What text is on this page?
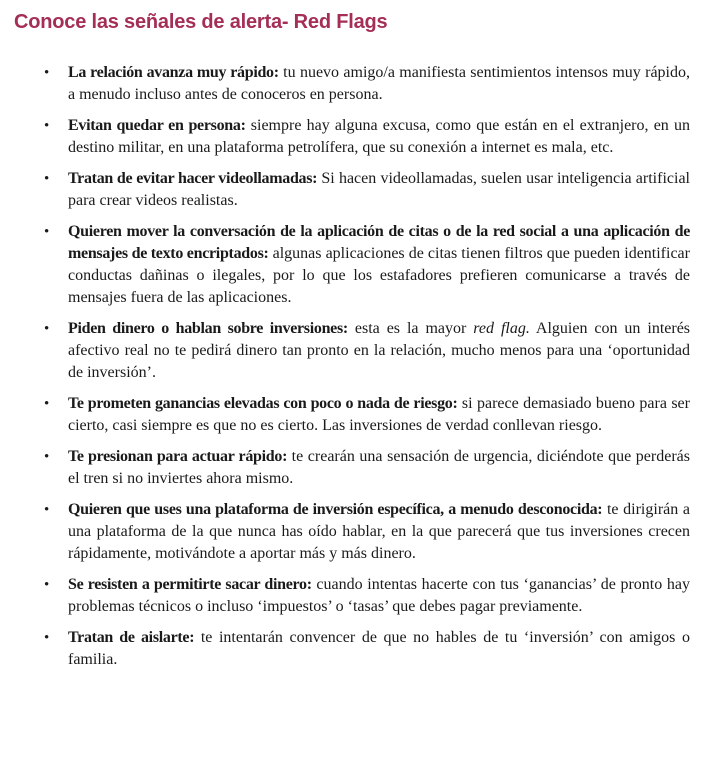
Conoce las señales de alerta- Red Flags
•	La relación avanza muy rápido: tu nuevo amigo/a manifiesta sentimientos intensos muy rápido, a menudo incluso antes de conoceros en persona.
•	Evitan quedar en persona: siempre hay alguna excusa, como que están en el extranjero, en un destino militar, en una plataforma petrolífera, que su conexión a internet es mala, etc.
•	Tratan de evitar hacer videollamadas: Si hacen videollamadas, suelen usar inteligencia artificial para crear videos realistas.
•	Quieren mover la conversación de la aplicación de citas o de la red social a una aplicación de mensajes de texto encriptados: algunas aplicaciones de citas tienen filtros que pueden identificar conductas dañinas o ilegales, por lo que los estafadores prefieren comunicarse a través de mensajes fuera de las aplicaciones.
•	Piden dinero o hablan sobre inversiones: esta es la mayor red flag. Alguien con un interés afectivo real no te pedirá dinero tan pronto en la relación, mucho menos para una ‘oportunidad de inversión’.
•	Te prometen ganancias elevadas con poco o nada de riesgo: si parece demasiado bueno para ser cierto, casi siempre es que no es cierto. Las inversiones de verdad conllevan riesgo.
•	Te presionan para actuar rápido: te crearán una sensación de urgencia, diciéndote que perderás el tren si no inviertes ahora mismo.
•	Quieren que uses una plataforma de inversión específica, a menudo desconocida: te dirigirán a una plataforma de la que nunca has oído hablar, en la que parecerá que tus inversiones crecen rápidamente, motivándote a aportar más y más dinero.
•	Se resisten a permitirte sacar dinero: cuando intentas hacerte con tus ‘ganancias’ de pronto hay problemas técnicos o incluso ‘impuestos’ o ‘tasas’ que debes pagar previamente.
•	Tratan de aislarte: te intentarán convencer de que no hables de tu ‘inversión’ con amigos o familia.
